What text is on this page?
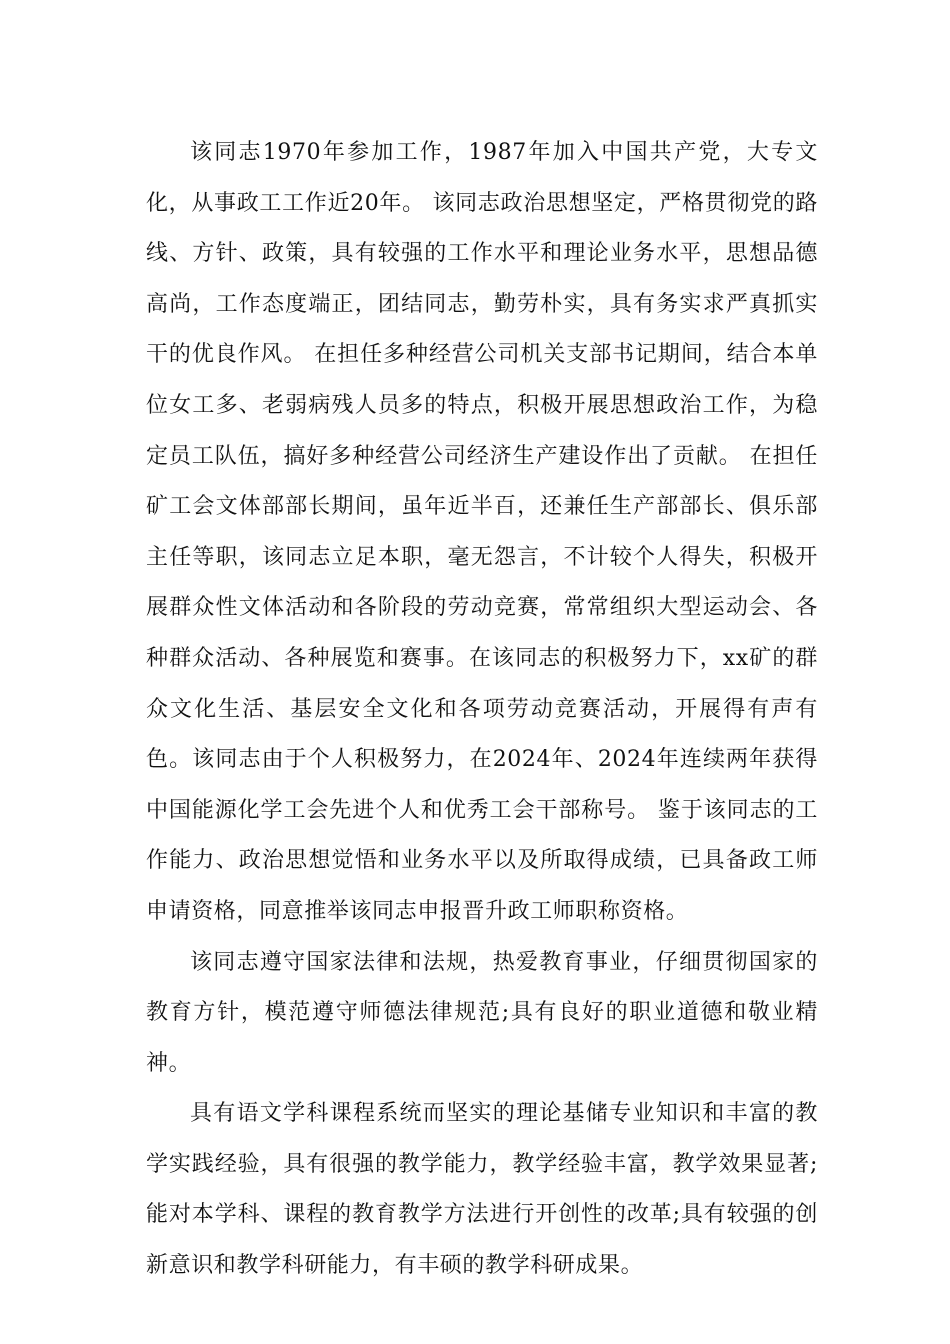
该同志1970年参加工作，1987年加入中国共产党，大专文化，从事政工工作近20年。 该同志政治思想坚定，严格贯彻党的路线、方针、政策，具有较强的工作水平和理论业务水平，思想品德高尚，工作态度端正，团结同志，勤劳朴实，具有务实求严真抓实干的优良作风。 在担任多种经营公司机关支部书记期间，结合本单位女工多、老弱病残人员多的特点，积极开展思想政治工作，为稳定员工队伍，搞好多种经营公司经济生产建设作出了贡献。 在担任矿工会文体部部长期间，虽年近半百，还兼任生产部部长、俱乐部主任等职，该同志立足本职，毫无怨言，不计较个人得失，积极开展群众性文体活动和各阶段的劳动竞赛，常常组织大型运动会、各种群众活动、各种展览和赛事。在该同志的积极努力下，xx矿的群众文化生活、基层安全文化和各项劳动竞赛活动，开展得有声有色。该同志由于个人积极努力，在2024年、2024年连续两年获得中国能源化学工会先进个人和优秀工会干部称号。 鉴于该同志的工作能力、政治思想觉悟和业务水平以及所取得成绩，已具备政工师申请资格，同意推举该同志申报晋升政工师职称资格。

该同志遵守国家法律和法规，热爱教育事业，仔细贯彻国家的教育方针，模范遵守师德法律规范;具有良好的职业道德和敬业精神。

具有语文学科课程系统而坚实的理论基储专业知识和丰富的教学实践经验，具有很强的教学能力，教学经验丰富，教学效果显著;能对本学科、课程的教育教学方法进行开创性的改革;具有较强的创新意识和教学科研能力，有丰硕的教学科研成果。
